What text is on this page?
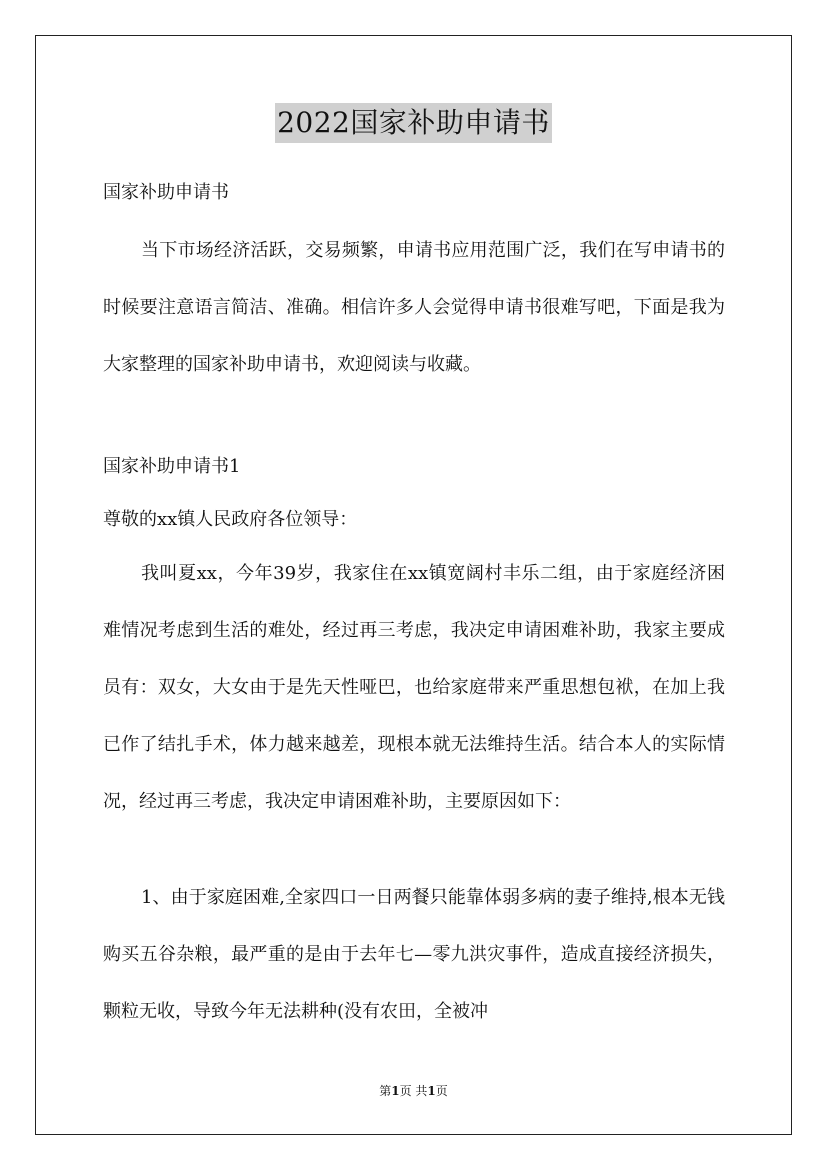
2022国家补助申请书

国家补助申请书

当下市场经济活跃，交易频繁，申请书应用范围广泛，我们在写申请书的时候要注意语言简洁、准确。相信许多人会觉得申请书很难写吧，下面是我为大家整理的国家补助申请书，欢迎阅读与收藏。

国家补助申请书1

尊敬的xx镇人民政府各位领导：

我叫夏xx，今年39岁，我家住在xx镇宽阔村丰乐二组，由于家庭经济困难情况考虑到生活的难处，经过再三考虑，我决定申请困难补助，我家主要成员有：双女，大女由于是先天性哑巴，也给家庭带来严重思想包袱，在加上我已作了结扎手术，体力越来越差，现根本就无法维持生活。结合本人的实际情况，经过再三考虑，我决定申请困难补助，主要原因如下：

1、由于家庭困难,全家四口一日两餐只能靠体弱多病的妻子维持,根本无钱购买五谷杂粮，最严重的是由于去年七—零九洪灾事件，造成直接经济损失，颗粒无收，导致今年无法耕种(没有农田，全被冲

第1页 共1页
